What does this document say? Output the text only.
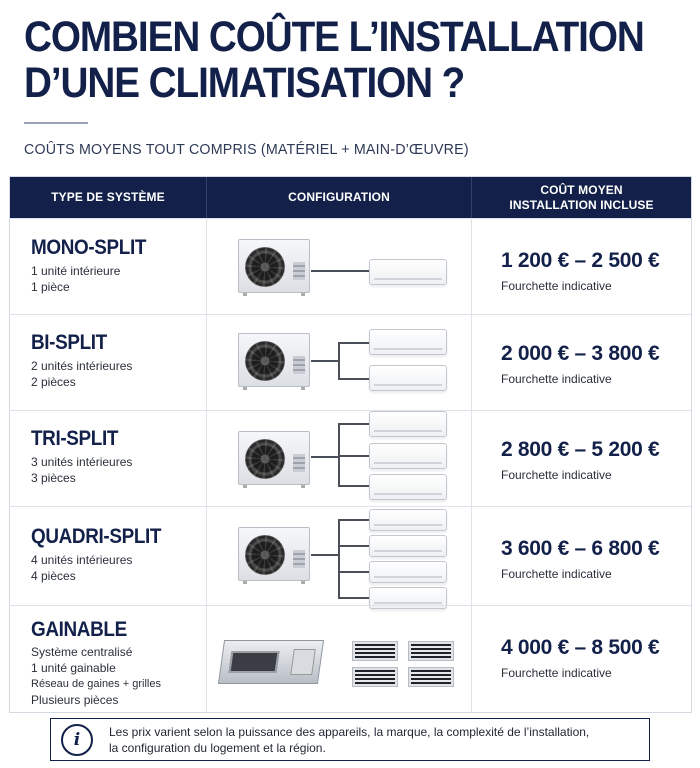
COMBIEN COÛTE L’INSTALLATION
D’UNE CLIMATISATION ?
COÛTS MOYENS TOUT COMPRIS (MATÉRIEL + MAIN-D’ŒUVRE)
TYPE DE SYSTÈME	CONFIGURATION
COÛT MOYEN
INSTALLATION INCLUSE
MONO-SPLIT
1 unité intérieure
1 pièce
1 200 € – 2 500 €
Fourchette indicative
BI-SPLIT
2 unités intérieures
2 pièces
2 000 € – 3 800 €
Fourchette indicative
TRI-SPLIT
3 unités intérieures
3 pièces
2 800 € – 5 200 €
Fourchette indicative
QUADRI-SPLIT
4 unités intérieures
4 pièces
3 600 € – 6 800 €
Fourchette indicative
GAINABLE
Système centralisé
1 unité gainable
Réseau de gaines + grilles
Plusieurs pièces
4 000 € – 8 500 €
Fourchette indicative
i	Les prix varient selon la puissance des appareils, la marque, la complexité de l’installation,
la configuration du logement et la région.
